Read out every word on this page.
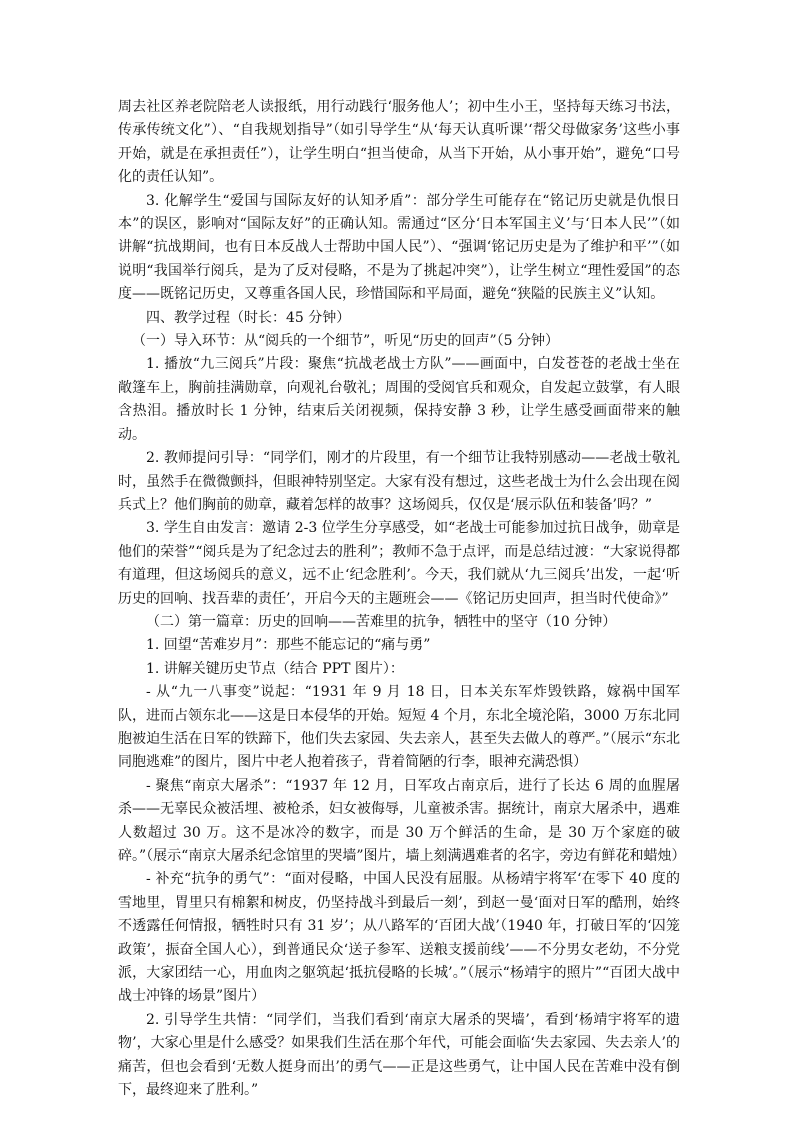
周去社区养老院陪老人读报纸，用行动践行‘服务他人’；初中生小王，坚持每天练习书法，传承传统文化”）、“自我规划指导”（如引导学生“从‘每天认真听课’‘帮父母做家务’这些小事开始，就是在承担责任”），让学生明白“担当使命，从当下开始，从小事开始”，避免“口号化的责任认知”。

3. 化解学生“爱国与国际友好的认知矛盾”：部分学生可能存在“铭记历史就是仇恨日本”的误区，影响对“国际友好”的正确认知。需通过“区分‘日本军国主义’与‘日本人民’”（如讲解“抗战期间，也有日本反战人士帮助中国人民”）、“强调‘铭记历史是为了维护和平’”（如说明“我国举行阅兵，是为了反对侵略，不是为了挑起冲突”），让学生树立“理性爱国”的态度——既铭记历史，又尊重各国人民，珍惜国际和平局面，避免“狭隘的民族主义”认知。

四、教学过程（时长：45 分钟）

（一）导入环节：从“阅兵的一个细节”，听见“历史的回声”（5 分钟）

1. 播放“九三阅兵”片段：聚焦“抗战老战士方队”——画面中，白发苍苍的老战士坐在敞篷车上，胸前挂满勋章，向观礼台敬礼；周围的受阅官兵和观众，自发起立鼓掌，有人眼含热泪。播放时长 1 分钟，结束后关闭视频，保持安静 3 秒，让学生感受画面带来的触动。

2. 教师提问引导：“同学们，刚才的片段里，有一个细节让我特别感动——老战士敬礼时，虽然手在微微颤抖，但眼神特别坚定。大家有没有想过，这些老战士为什么会出现在阅兵式上？他们胸前的勋章，藏着怎样的故事？这场阅兵，仅仅是‘展示队伍和装备’吗？”

3. 学生自由发言：邀请 2-3 位学生分享感受，如“老战士可能参加过抗日战争，勋章是他们的荣誉”“阅兵是为了纪念过去的胜利”；教师不急于点评，而是总结过渡：“大家说得都有道理，但这场阅兵的意义，远不止‘纪念胜利’。今天，我们就从‘九三阅兵’出发，一起‘听历史的回响、找吾辈的责任’，开启今天的主题班会——《铭记历史回声，担当时代使命》”

（二）第一篇章：历史的回响——苦难里的抗争，牺牲中的坚守（10 分钟）

1. 回望“苦难岁月”：那些不能忘记的“痛与勇”

1. 讲解关键历史节点（结合 PPT 图片）：

- 从“九一八事变”说起：“1931 年 9 月 18 日，日本关东军炸毁铁路，嫁祸中国军队，进而占领东北——这是日本侵华的开始。短短 4 个月，东北全境沦陷，3000 万东北同胞被迫生活在日军的铁蹄下，他们失去家园、失去亲人，甚至失去做人的尊严。”（展示“东北同胞逃难”的图片，图片中老人抱着孩子，背着简陋的行李，眼神充满恐惧）

- 聚焦“南京大屠杀”：“1937 年 12 月，日军攻占南京后，进行了长达 6 周的血腥屠杀——无辜民众被活埋、被枪杀，妇女被侮辱，儿童被杀害。据统计，南京大屠杀中，遇难人数超过 30 万。这不是冰冷的数字，而是 30 万个鲜活的生命，是 30 万个家庭的破碎。”（展示“南京大屠杀纪念馆里的哭墙”图片，墙上刻满遇难者的名字，旁边有鲜花和蜡烛）

- 补充“抗争的勇气”：“面对侵略，中国人民没有屈服。从杨靖宇将军‘在零下 40 度的雪地里，胃里只有棉絮和树皮，仍坚持战斗到最后一刻’，到赵一曼‘面对日军的酷刑，始终不透露任何情报，牺牲时只有 31 岁’；从八路军的‘百团大战’（1940 年，打破日军的‘囚笼政策’，振奋全国人心），到普通民众‘送子参军、送粮支援前线’——不分男女老幼，不分党派，大家团结一心，用血肉之躯筑起‘抵抗侵略的长城’。”（展示“杨靖宇的照片”“百团大战中战士冲锋的场景”图片）

2. 引导学生共情：“同学们，当我们看到‘南京大屠杀的哭墙’，看到‘杨靖宇将军的遗物’，大家心里是什么感受？如果我们生活在那个年代，可能会面临‘失去家园、失去亲人’的痛苦，但也会看到‘无数人挺身而出’的勇气——正是这些勇气，让中国人民在苦难中没有倒下，最终迎来了胜利。”
